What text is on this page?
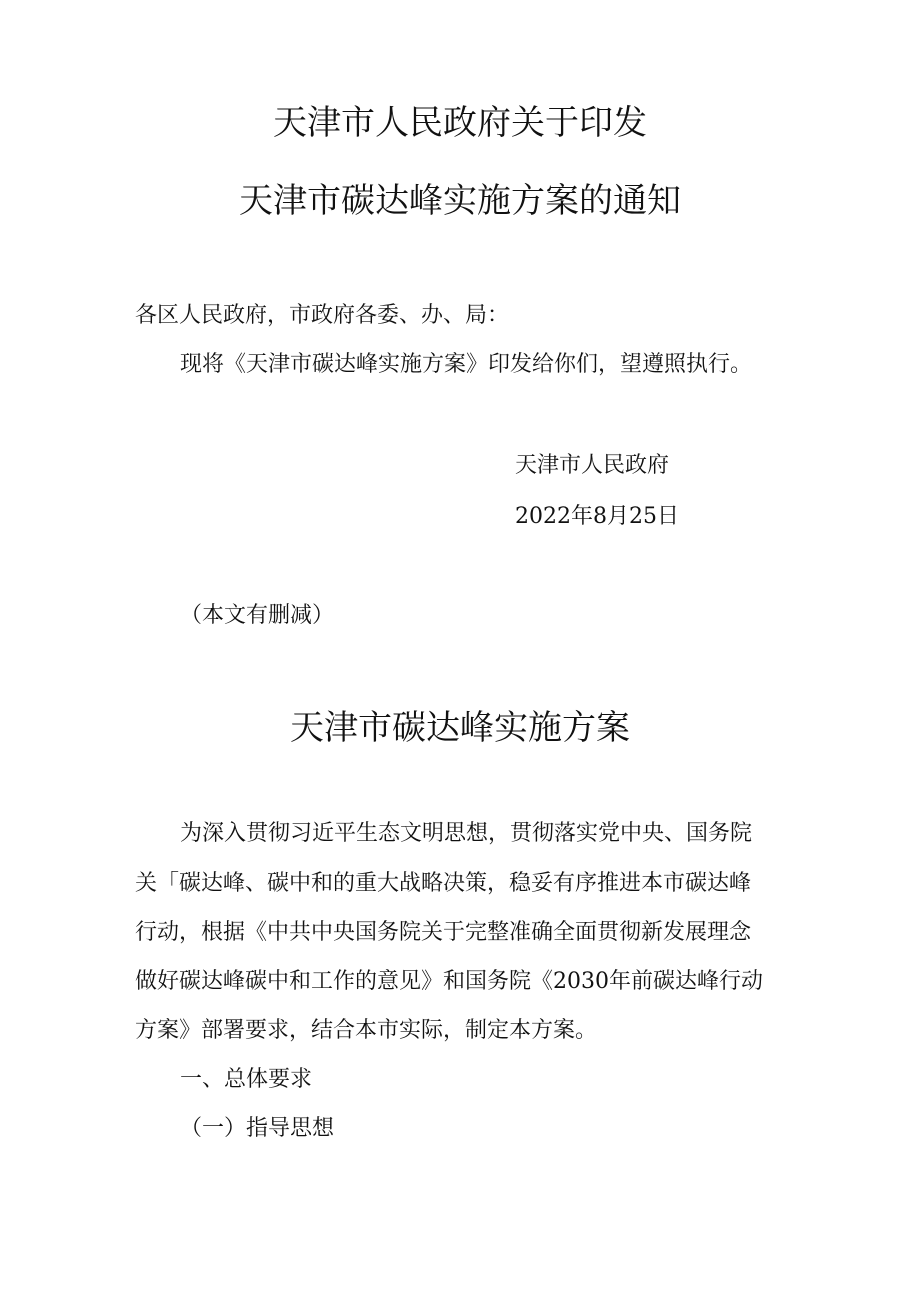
天津市人民政府关于印发
天津市碳达峰实施方案的通知
各区人民政府，市政府各委、办、局：
现将《天津市碳达峰实施方案》印发给你们，望遵照执行。
天津市人民政府
2022年8月25日
（本文有删减）
天津市碳达峰实施方案
为深入贯彻习近平生态文明思想，贯彻落实党中央、国务院
关「碳达峰、碳中和的重大战略决策，稳妥有序推进本市碳达峰
行动，根据《中共中央国务院关于完整准确全面贯彻新发展理念
做好碳达峰碳中和工作的意见》和国务院《2030年前碳达峰行动
方案》部署要求，结合本市实际，制定本方案。
一、总体要求
（一）指导思想
